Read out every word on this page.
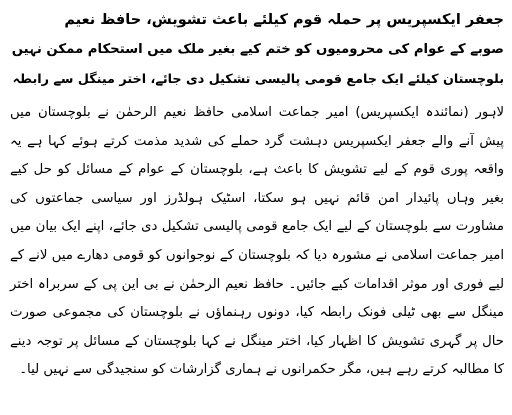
جعفر ایکسپریس پر حملہ قوم کیلئے باعث تشویش، حافظ نعیم
صوبے کے عوام کی محرومیوں کو ختم کیے بغیر ملک میں استحکام ممکن نہیں
بلوچستان کیلئے ایک جامع قومی پالیسی تشکیل دی جائے، اختر مینگل سے رابطہ
لاہور (نمائندہ ایکسپریس) امیر جماعت اسلامی حافظ نعیم الرحمٰن نے بلوچستان میں پیش آنے والے جعفر ایکسپریس دہشت گرد حملے کی شدید مذمت کرتے ہوئے کہا ہے یہ واقعہ پوری قوم کے لیے تشویش کا باعث ہے، بلوچستان کے عوام کے مسائل کو حل کیے بغیر وہاں پائیدار امن قائم نہیں ہو سکتا، اسٹیک ہولڈرز اور سیاسی جماعتوں کی مشاورت سے بلوچستان کے لیے ایک جامع قومی پالیسی تشکیل دی جائے، اپنے ایک بیان میں امیر جماعت اسلامی نے مشورہ دیا کہ بلوچستان کے نوجوانوں کو قومی دھارے میں لانے کے لیے فوری اور موثر اقدامات کیے جائیں۔ حافظ نعیم الرحمٰن نے بی این پی کے سربراہ اختر مینگل سے بھی ٹیلی فونک رابطہ کیا، دونوں رہنماؤں نے بلوچستان کی مجموعی صورت حال پر گہری تشویش کا اظہار کیا، اختر مینگل نے کہا بلوچستان کے مسائل پر توجہ دینے کا مطالبہ کرتے رہے ہیں، مگر حکمرانوں نے ہماری گزارشات کو سنجیدگی سے نہیں لیا۔
